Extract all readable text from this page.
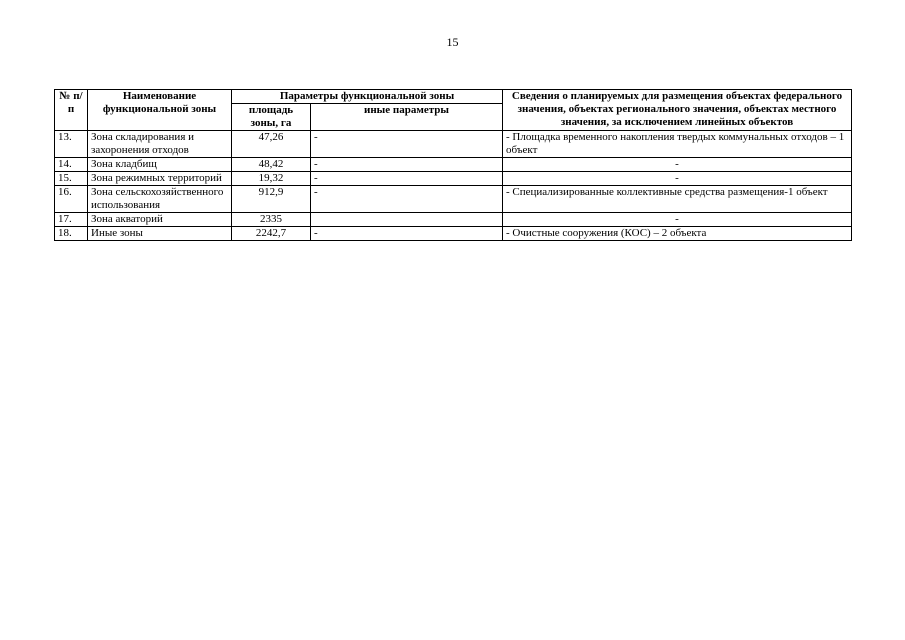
15
№ п/п	Наименование функциональной зоны	Параметры функциональной зоны		Сведения о планируемых для размещения объектах федерального значения, объектах регионального значения, объектах местного значения, за исключением линейных объектов
		площадь зоны, га	иные параметры	
13.	Зона складирования и захоронения отходов	47,26	-	- Площадка временного накопления твердых коммунальных отходов – 1 объект
14.	Зона кладбищ	48,42	-	-
15.	Зона режимных территорий	19,32	-	-
16.	Зона сельскохозяйственного использования	912,9	-	- Специализированные коллективные средства размещения-1 объект
17.	Зона акваторий	2335		-
18.	Иные зоны	2242,7	-	- Очистные сооружения (КОС) – 2 объекта
